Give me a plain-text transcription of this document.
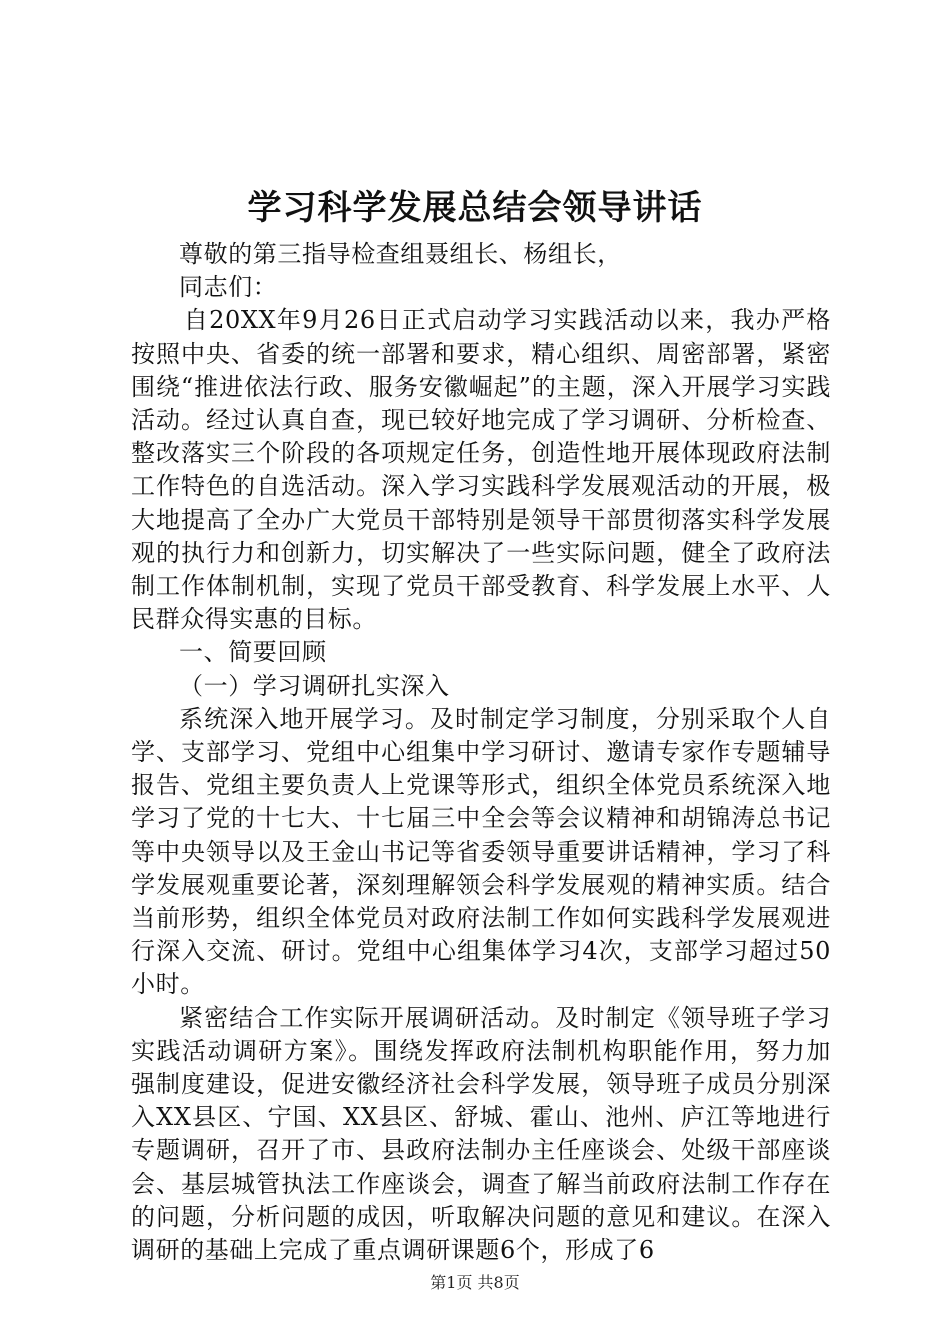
学习科学发展总结会领导讲话

尊敬的第三指导检查组聂组长、杨组长，

同志们：

自20XX年9月26日正式启动学习实践活动以来，我办严格按照中央、省委的统一部署和要求，精心组织、周密部署，紧密围绕“推进依法行政、服务安徽崛起”的主题，深入开展学习实践活动。经过认真自查，现已较好地完成了学习调研、分析检查、整改落实三个阶段的各项规定任务，创造性地开展体现政府法制工作特色的自选活动。深入学习实践科学发展观活动的开展，极大地提高了全办广大党员干部特别是领导干部贯彻落实科学发展观的执行力和创新力，切实解决了一些实际问题，健全了政府法制工作体制机制，实现了党员干部受教育、科学发展上水平、人民群众得实惠的目标。

一、简要回顾

（一）学习调研扎实深入

系统深入地开展学习。及时制定学习制度，分别采取个人自学、支部学习、党组中心组集中学习研讨、邀请专家作专题辅导报告、党组主要负责人上党课等形式，组织全体党员系统深入地学习了党的十七大、十七届三中全会等会议精神和胡锦涛总书记等中央领导以及王金山书记等省委领导重要讲话精神，学习了科学发展观重要论著，深刻理解领会科学发展观的精神实质。结合当前形势，组织全体党员对政府法制工作如何实践科学发展观进行深入交流、研讨。党组中心组集体学习4次，支部学习超过50小时。

紧密结合工作实际开展调研活动。及时制定《领导班子学习实践活动调研方案》。围绕发挥政府法制机构职能作用，努力加强制度建设，促进安徽经济社会科学发展，领导班子成员分别深入XX县区、宁国、XX县区、舒城、霍山、池州、庐江等地进行专题调研，召开了市、县政府法制办主任座谈会、处级干部座谈会、基层城管执法工作座谈会，调查了解当前政府法制工作存在的问题，分析问题的成因，听取解决问题的意见和建议。在深入调研的基础上完成了重点调研课题6个，形成了6

第1页 共8页
